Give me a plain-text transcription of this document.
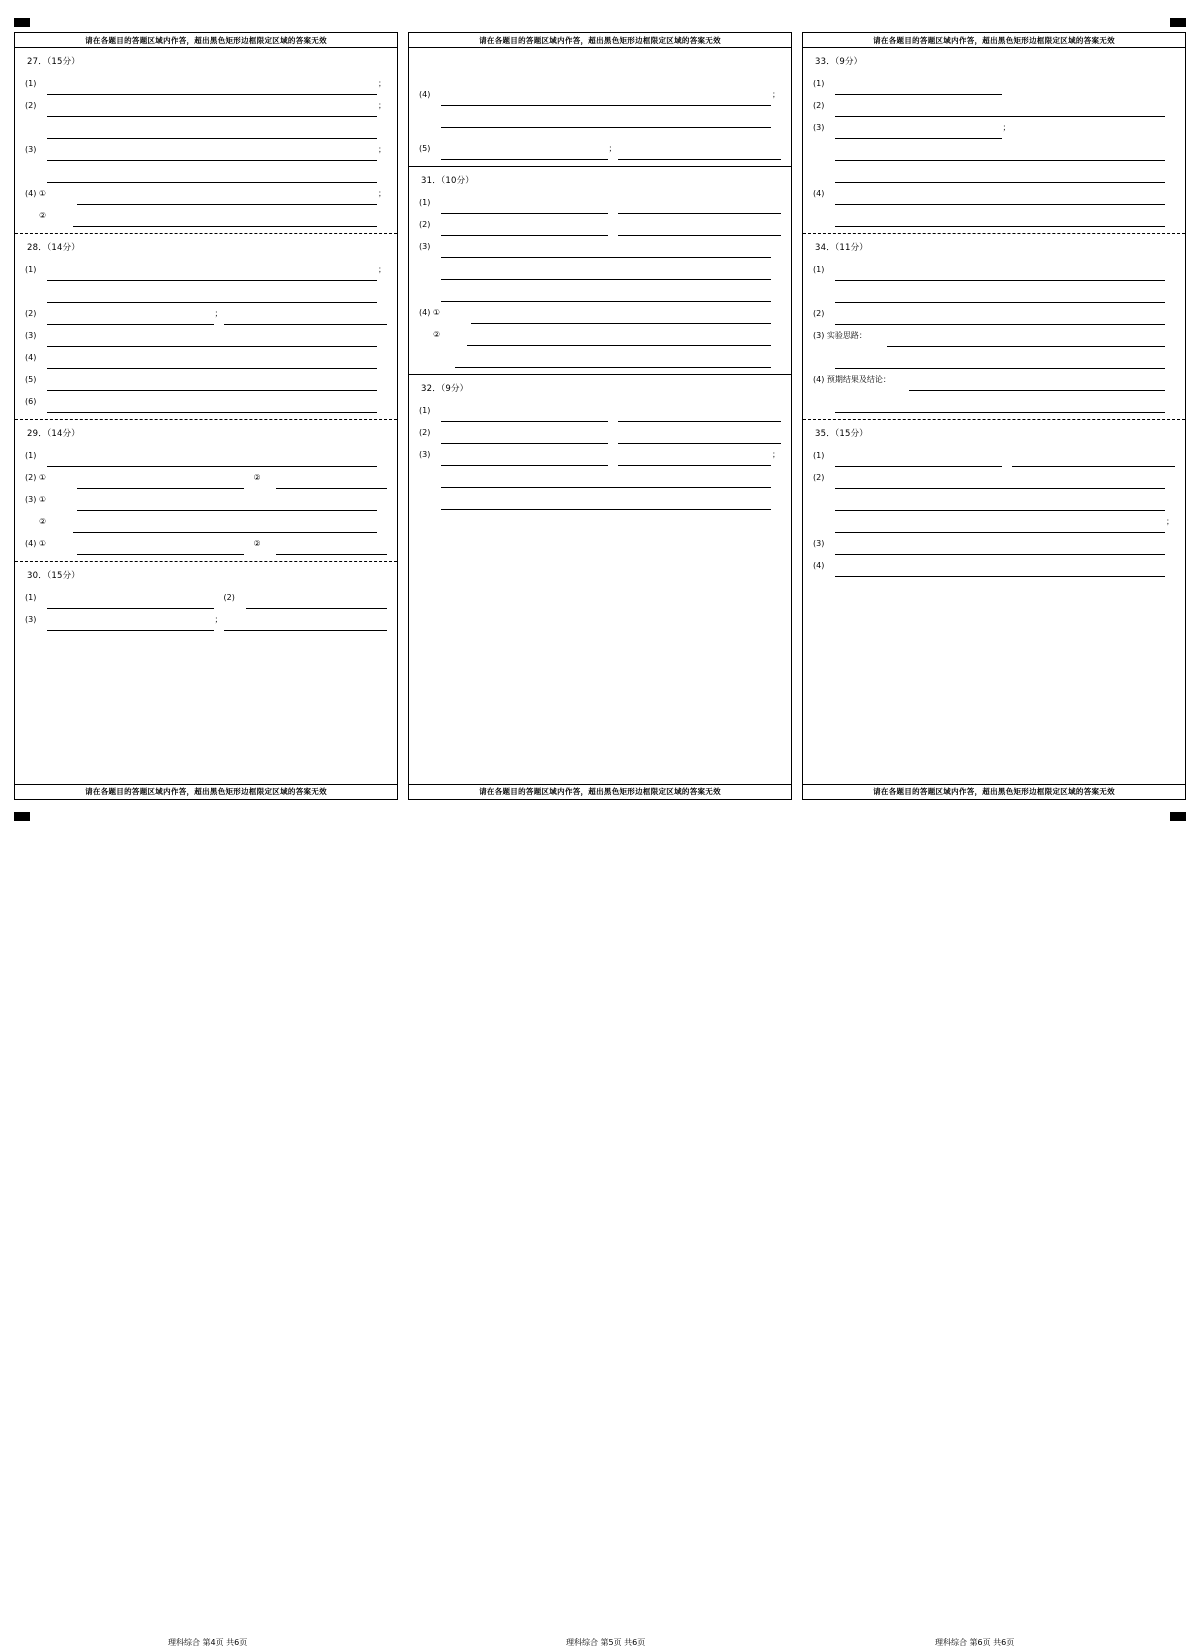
请在各题目的答题区域内作答，超出黑色矩形边框限定区域的答案无效
27．（15分）
(1)	；
(2)	；
(3)	；
(4) ①	；
②
28．（14分）
(1)	；
(2)	；
(3)
(4)
(5)
(6)
29．（14分）
(1)
(2) ①	②
(3) ①
②
(4) ①	②
30．（15分）
(1)	(2)
(3)	；
请在各题目的答题区域内作答，超出黑色矩形边框限定区域的答案无效
请在各题目的答题区域内作答，超出黑色矩形边框限定区域的答案无效
(4)	；
(5)	；
31．（10分）
(1)
(2)
(3)
(4) ①
②
32．（9分）
(1)
(2)
(3)	；
请在各题目的答题区域内作答，超出黑色矩形边框限定区域的答案无效
请在各题目的答题区域内作答，超出黑色矩形边框限定区域的答案无效
33．（9分）
(1)
(2)
(3)	；
(4)
34．（11分）
(1)
(2)
(3) 实验思路：
(4) 预期结果及结论：
35．（15分）
(1)
(2)
；
(3)
(4)
请在各题目的答题区域内作答，超出黑色矩形边框限定区域的答案无效
理科综合 第4页 共6页	理科综合 第5页 共6页	理科综合 第6页 共6页
